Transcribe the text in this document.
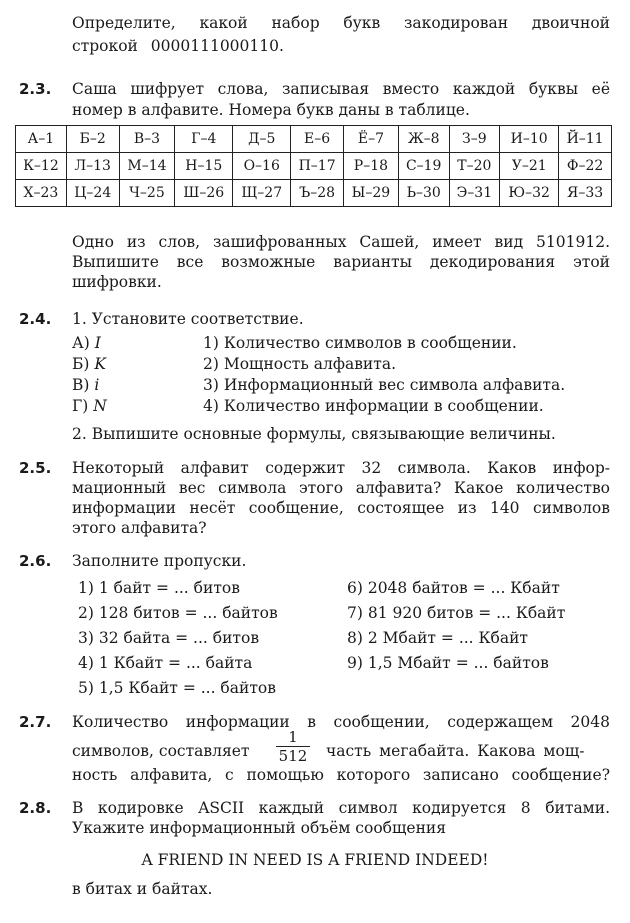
Определите, какой набор букв закодирован двоичной
строкой 0000111000110.
2.3. Саша шифрует слова, записывая вместо каждой буквы её
номер в алфавите. Номера букв даны в таблице.
А–1	Б–2	В–3	Г–4	Д–5	Е–6	Ё–7	Ж–8	З–9	И–10	Й–11
К–12	Л–13	М–14	Н–15	О–16	П–17	Р–18	С–19	Т–20	У–21	Ф–22
Х–23	Ц–24	Ч–25	Ш–26	Щ–27	Ъ–28	Ы–29	Ь–30	Э–31	Ю–32	Я–33
Одно из слов, зашифрованных Сашей, имеет вид 5101912.
Выпишите все возможные варианты декодирования этой
шифровки.
2.4. 1. Установите соответствие.
А) I
Б) K
В) i
Г) N
1) Количество символов в сообщении.
2) Мощность алфавита.
3) Информационный вес символа алфавита.
4) Количество информации в сообщении.
2. Выпишите основные формулы, связывающие величины.
2.5. Некоторый алфавит содержит 32 символа. Каков инфор-
мационный вес символа этого алфавита? Какое количество
информации несёт сообщение, состоящее из 140 символов
этого алфавита?
2.6. Заполните пропуски.
1) 1 байт = ... битов
2) 128 битов = ... байтов
3) 32 байта = ... битов
4) 1 Кбайт = ... байта
5) 1,5 Кбайт = ... байтов
6) 2048 байтов = ... Кбайт
7) 81 920 битов = ... Кбайт
8) 2 Мбайт = ... Кбайт
9) 1,5 Мбайт = ... байтов
2.7. Количество информации в сообщении, содержащем 2048
символов, составляет $\frac{1}{512}$ часть мегабайта. Какова мощ-
ность алфавита, с помощью которого записано сообщение?
2.8. В кодировке ASCII каждый символ кодируется 8 битами.
Укажите информационный объём сообщения
A FRIEND IN NEED IS A FRIEND INDEED!
в битах и байтах.
